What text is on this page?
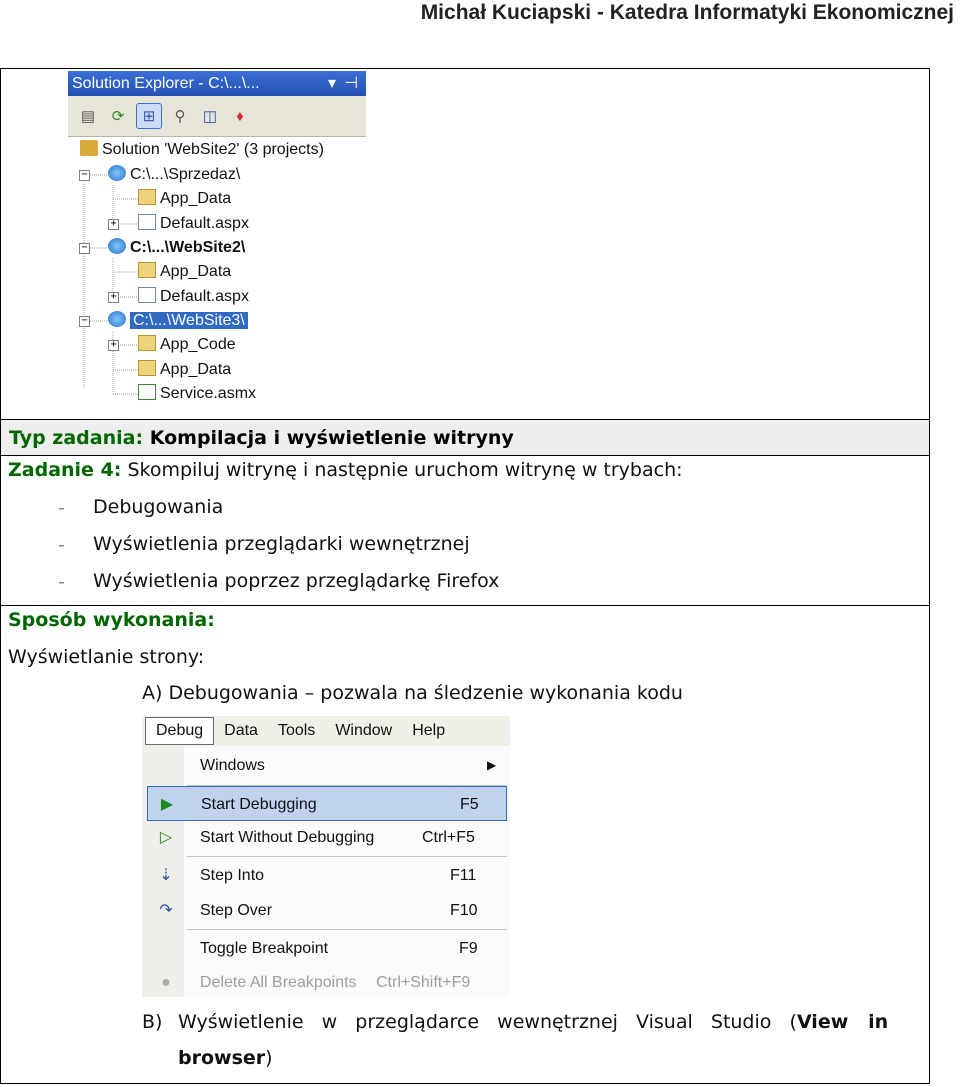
Michał Kuciapski - Katedra Informatyki Ekonomicznej
Solution Explorer - C:\...\...	▾ ⊣
▤	⟳	⊞	⚲	◫	♦
−
+
−
+
−
+
Solution 'WebSite2' (3 projects)
C:\...\Sprzedaz\
App_Data
Default.aspx
C:\...\WebSite2\
App_Data
Default.aspx
C:\...\WebSite3\
App_Code
App_Data
Service.asmx
Typ zadania: Kompilacja i wyświetlenie witryny
Zadanie 4: Skompiluj witrynę i następnie uruchom witrynę w trybach:
- Debugowania
- Wyświetlenia przeglądarki wewnętrznej
- Wyświetlenia poprzez przeglądarkę Firefox
Sposób wykonania:
Wyświetlanie strony:
A) Debugowania – pozwala na śledzenie wykonania kodu
Debug	Data	Tools	Window	Help
Windows	▶
▶ Start Debugging	F5
▷ Start Without Debugging	Ctrl+F5
⇣ Step Into	F11
↷ Step Over	F10
Toggle Breakpoint	F9
●	Delete All Breakpoints Ctrl+Shift+F9
B) Wyświetlenie   w   przeglądarce   wewnętrznej   Visual   Studio   (View   in
browser)
